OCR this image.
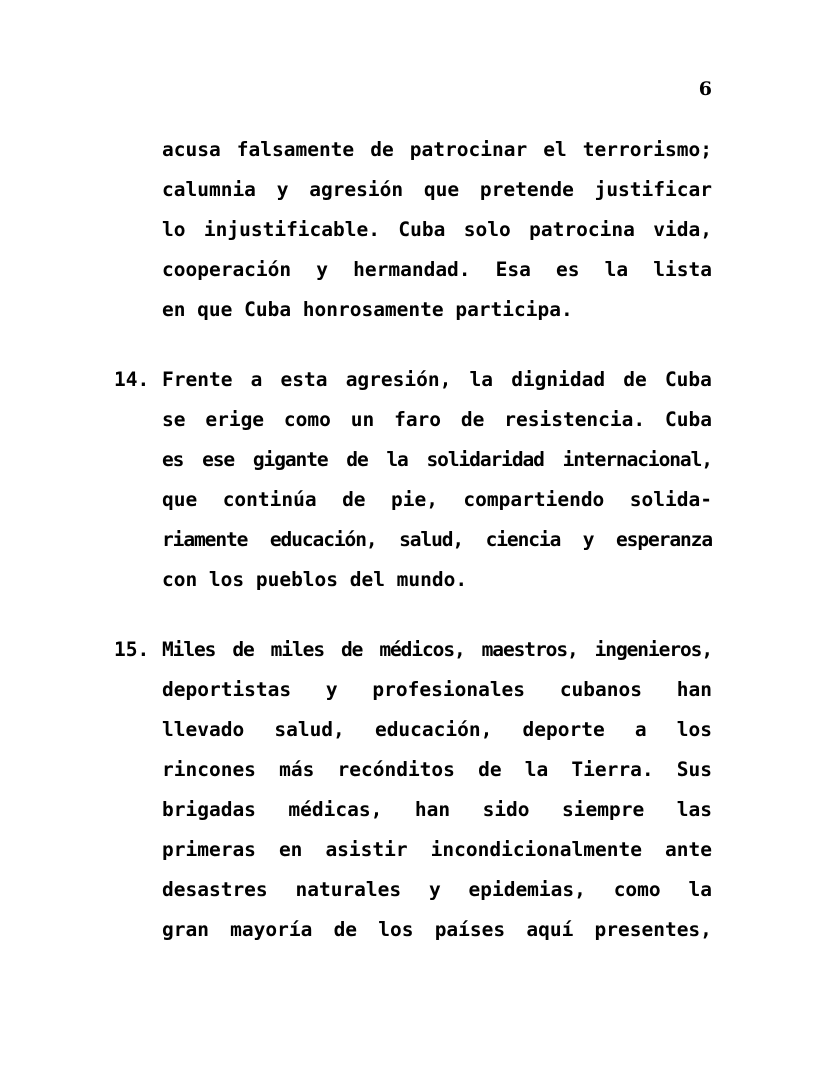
6
acusa falsamente de patrocinar el terrorismo;
calumnia y agresión que pretende justificar
lo injustificable. Cuba solo patrocina vida,
cooperación y hermandad. Esa es la lista
en que Cuba honrosamente participa.
14. Frente a esta agresión, la dignidad de Cuba
se erige como un faro de resistencia. Cuba
es ese gigante de la solidaridad internacional,
que continúa de pie, compartiendo solida-
riamente educación, salud, ciencia y esperanza
con los pueblos del mundo.
15. Miles de miles de médicos, maestros, ingenieros,
deportistas y profesionales cubanos han
llevado salud, educación, deporte a los
rincones más recónditos de la Tierra. Sus
brigadas médicas, han sido siempre las
primeras en asistir incondicionalmente ante
desastres naturales y epidemias, como la
gran mayoría de los países aquí presentes,
